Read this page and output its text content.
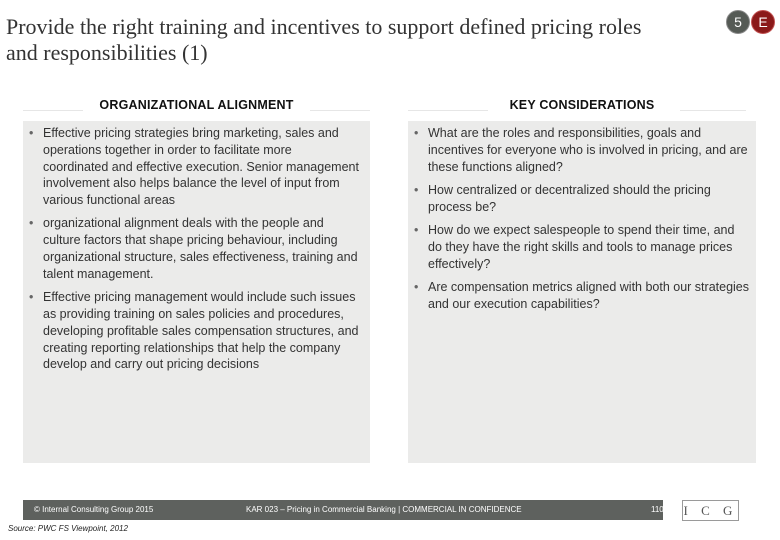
Provide the right training and incentives to support defined pricing roles and responsibilities (1)
5	E
ORGANIZATIONAL ALIGNMENT	KEY CONSIDERATIONS
• Effective pricing strategies bring marketing, sales and operations together in order to facilitate more coordinated and effective execution. Senior management involvement also helps balance the level of input from various functional areas
• organizational alignment deals with the people and culture factors that shape pricing behaviour, including organizational structure, sales effectiveness, training and talent management.
• Effective pricing management would include such issues as providing training on sales policies and procedures, developing profitable sales compensation structures, and creating reporting relationships that help the company develop and carry out pricing decisions
• What are the roles and responsibilities, goals and incentives for everyone who is involved in pricing, and are these functions aligned?
• How centralized or decentralized should the pricing process be?
• How do we expect salespeople to spend their time, and do they have the right skills and tools to manage prices effectively?
• Are compensation metrics aligned with both our strategies and our execution capabilities?
© Internal Consulting Group 2015	KAR 023 – Pricing in Commercial Banking | COMMERCIAL IN CONFIDENCE	110 I C G
Source: PWC FS Viewpoint, 2012
